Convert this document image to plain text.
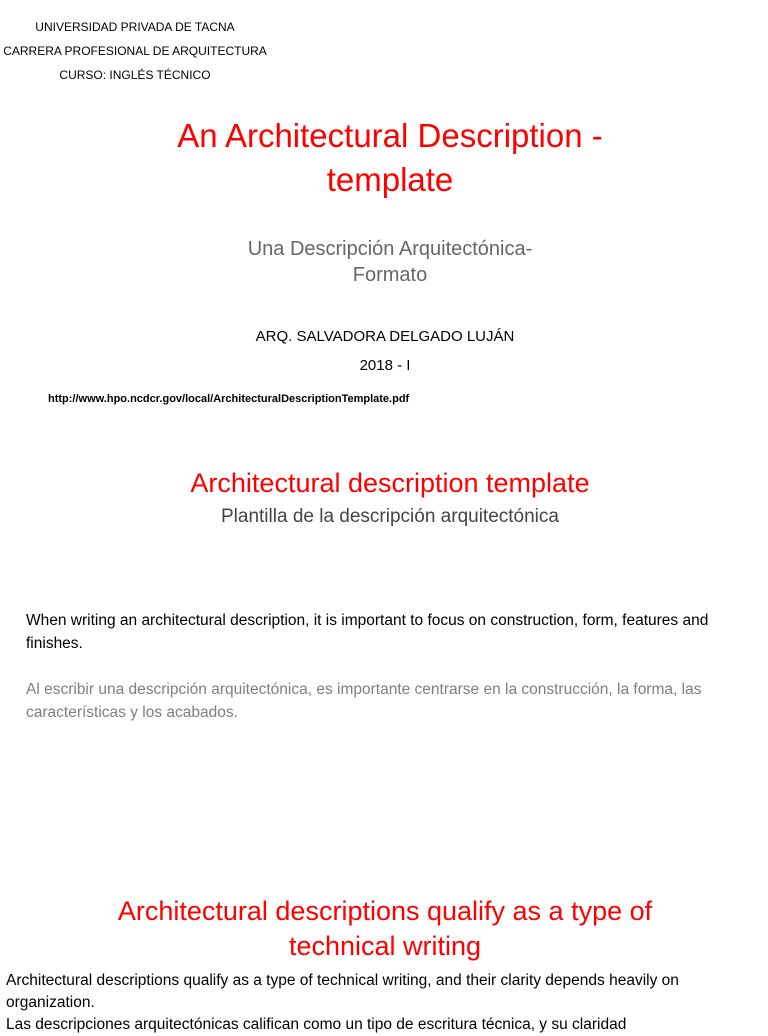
UNIVERSIDAD PRIVADA DE TACNA
CARRERA PROFESIONAL DE ARQUITECTURA
CURSO: INGLÉS TÉCNICO
An Architectural Description -
template
Una Descripción Arquitectónica-
Formato
ARQ. SALVADORA DELGADO LUJÁN
2018 - I
http://www.hpo.ncdcr.gov/local/ArchitecturalDescriptionTemplate.pdf
Architectural description template
Plantilla de la descripción arquitectónica
When writing an architectural description, it is important to focus on construction, form, features and finishes.
Al escribir una descripción arquitectónica, es importante centrarse en la construcción, la forma, las características y los acabados.
Architectural descriptions qualify as a type of
technical writing
Architectural descriptions qualify as a type of technical writing, and their clarity depends heavily on organization.
Las descripciones arquitectónicas califican como un tipo de escritura técnica, y su claridad
